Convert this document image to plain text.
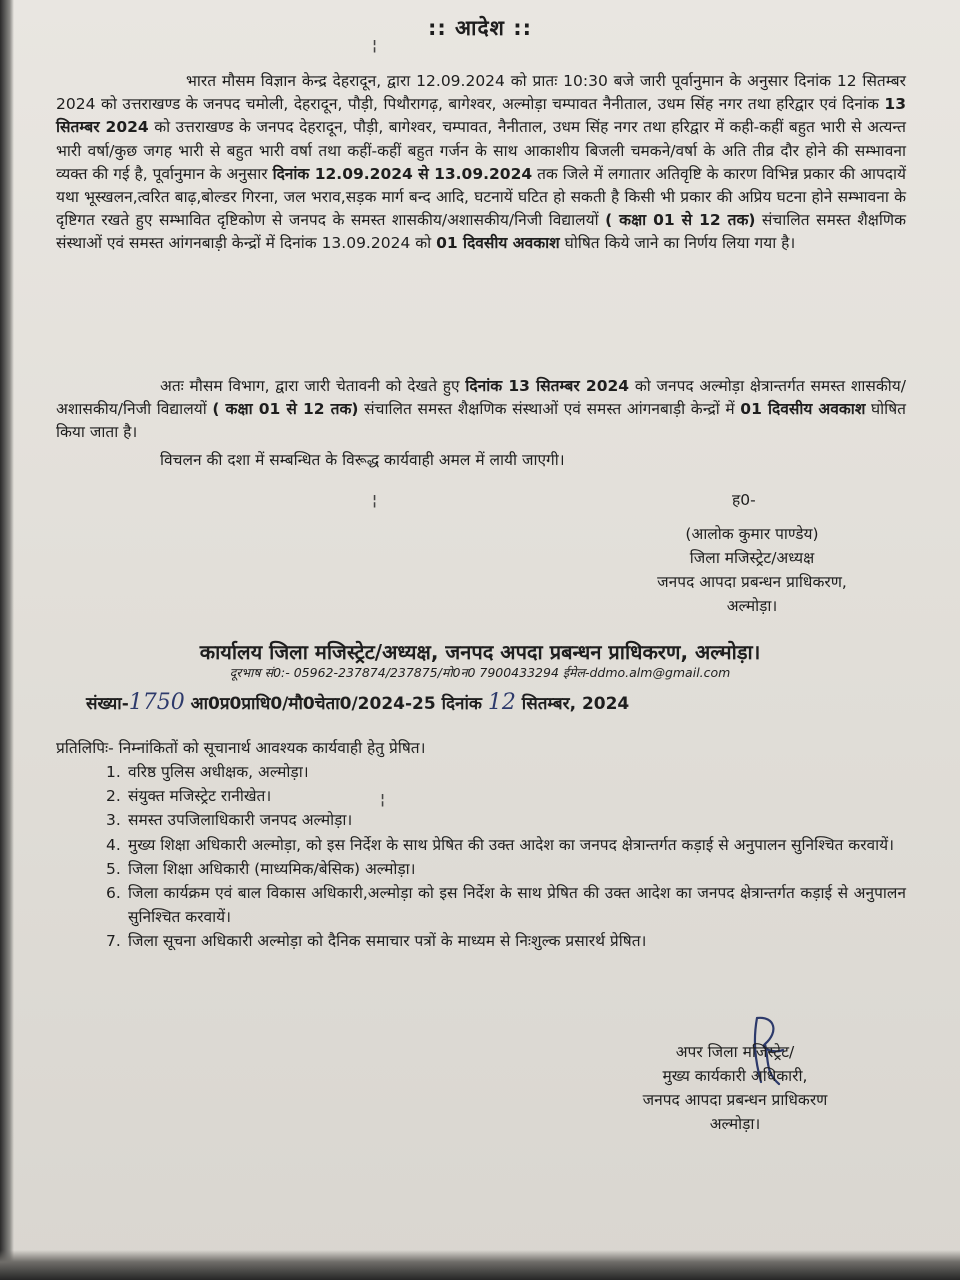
:: आदेश ::
¦
भारत मौसम विज्ञान केन्द्र देहरादून, द्वारा 12.09.2024 को प्रातः 10:30 बजे जारी पूर्वानुमान के अनुसार दिनांक 12 सितम्बर 2024 को उत्तराखण्ड के जनपद चमोली, देहरादून, पौड़ी, पिथौरागढ़, बागेश्वर, अल्मोड़ा चम्पावत नैनीताल, उधम सिंह नगर तथा हरिद्वार एवं दिनांक 13 सितम्बर 2024 को उत्तराखण्ड के जनपद देहरादून, पौड़ी, बागेश्वर, चम्पावत, नैनीताल, उधम सिंह नगर तथा हरिद्वार में कही-कहीं बहुत भारी से अत्यन्त भारी वर्षा/कुछ जगह भारी से बहुत भारी वर्षा तथा कहीं-कहीं बहुत गर्जन के साथ आकाशीय बिजली चमकने/वर्षा के अति तीव्र दौर होने की सम्भावना व्यक्त की गई है, पूर्वानुमान के अनुसार दिनांक 12.09.2024 से 13.09.2024 तक जिले में लगातार अतिवृष्टि के कारण विभिन्न प्रकार की आपदायें यथा भूस्खलन,त्वरित बाढ़,बोल्डर गिरना, जल भराव,सड़क मार्ग बन्द आदि, घटनायें घटित हो सकती है किसी भी प्रकार की अप्रिय घटना होने सम्भावना के दृष्टिगत रखते हुए सम्भावित दृष्टिकोण से जनपद के समस्त शासकीय/अशासकीय/निजी विद्यालयों ( कक्षा 01 से 12 तक) संचालित समस्त शैक्षणिक संस्थाओं एवं समस्त आंगनबाड़ी केन्द्रों में दिनांक 13.09.2024 को 01 दिवसीय अवकाश घोषित किये जाने का निर्णय लिया गया है।
अतः मौसम विभाग, द्वारा जारी चेतावनी को देखते हुए दिनांक 13 सितम्बर 2024 को जनपद अल्मोड़ा क्षेत्रान्तर्गत समस्त शासकीय/अशासकीय/निजी विद्यालयों ( कक्षा 01 से 12 तक) संचालित समस्त शैक्षणिक संस्थाओं एवं समस्त आंगनबाड़ी केन्द्रों में 01 दिवसीय अवकाश घोषित किया जाता है।
विचलन की दशा में सम्बन्धित के विरूद्ध कार्यवाही अमल में लायी जाएगी।
¦	ह0-
(आलोक कुमार पाण्डेय)
जिला मजिस्ट्रेट/अध्यक्ष
जनपद आपदा प्रबन्धन प्राधिकरण,
अल्मोड़ा।
कार्यालय जिला मजिस्ट्रेट/अध्यक्ष, जनपद अपदा प्रबन्धन प्राधिकरण, अल्मोड़ा।
दूरभाष सं0:- 05962-237874/237875/मो0न0 7900433294 ईमेल-ddmo.alm@gmail.com
संख्या-1750 आ0प्र0प्राधि0/मौ0चेता0/2024-25 दिनांक 12 सितम्बर, 2024
प्रतिलिपिः- निम्नांकितों को सूचानार्थ आवश्यक कार्यवाही हेतु प्रेषित।
1. वरिष्ठ पुलिस अधीक्षक, अल्मोड़ा।
2. संयुक्त मजिस्ट्रेट रानीखेत।
3. समस्त उपजिलाधिकारी जनपद अल्मोड़ा।
4. मुख्य शिक्षा अधिकारी अल्मोड़ा, को इस निर्देश के साथ प्रेषित की उक्त आदेश का जनपद क्षेत्रान्तर्गत कड़ाई से अनुपालन सुनिश्चित करवायें।
5. जिला शिक्षा अधिकारी (माध्यमिक/बेसिक) अल्मोड़ा।
6. जिला कार्यक्रम एवं बाल विकास अधिकारी,अल्मोड़ा को इस निर्देश के साथ प्रेषित की उक्त आदेश का जनपद क्षेत्रान्तर्गत कड़ाई से अनुपालन सुनिश्चित करवायें।
7. जिला सूचना अधिकारी अल्मोड़ा को दैनिक समाचार पत्रों के माध्यम से निःशुल्क प्रसारर्थ प्रेषित।
¦
अपर जिला मजिस्ट्रेट/
मुख्य कार्यकारी अधिकारी,
जनपद आपदा प्रबन्धन प्राधिकरण
अल्मोड़ा।
